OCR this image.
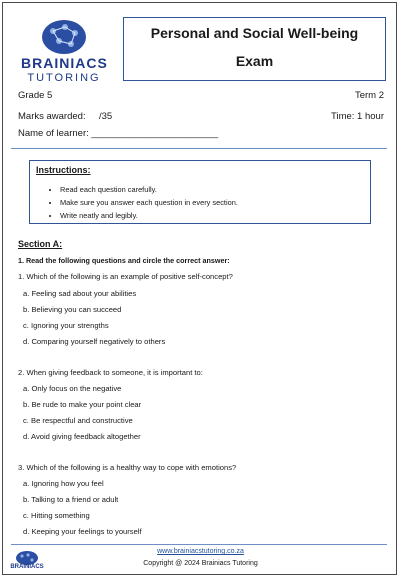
BRAINIACS
TUTORING
Personal and Social Well-being
Exam
Grade 5	Term 2
Marks awarded: /35	Time: 1 hour
Name of learner: ________________________
Instructions:
• Read each question carefully.
• Make sure you answer each question in every section.
• Write neatly and legibly.
Section A:
1. Read the following questions and circle the correct answer:
1. Which of the following is an example of positive self-concept?
a. Feeling sad about your abilities
b. Believing you can succeed
c. Ignoring your strengths
d. Comparing yourself negatively to others
2. When giving feedback to someone, it is important to:
a. Only focus on the negative
b. Be rude to make your point clear
c. Be respectful and constructive
d. Avoid giving feedback altogether
3. Which of the following is a healthy way to cope with emotions?
a. Ignoring how you feel
b. Talking to a friend or adult
c. Hitting something
d. Keeping your feelings to yourself
BRAINIACS
www.brainiacstutoring.co.za
Copyright @ 2024 Brainiacs Tutoring
